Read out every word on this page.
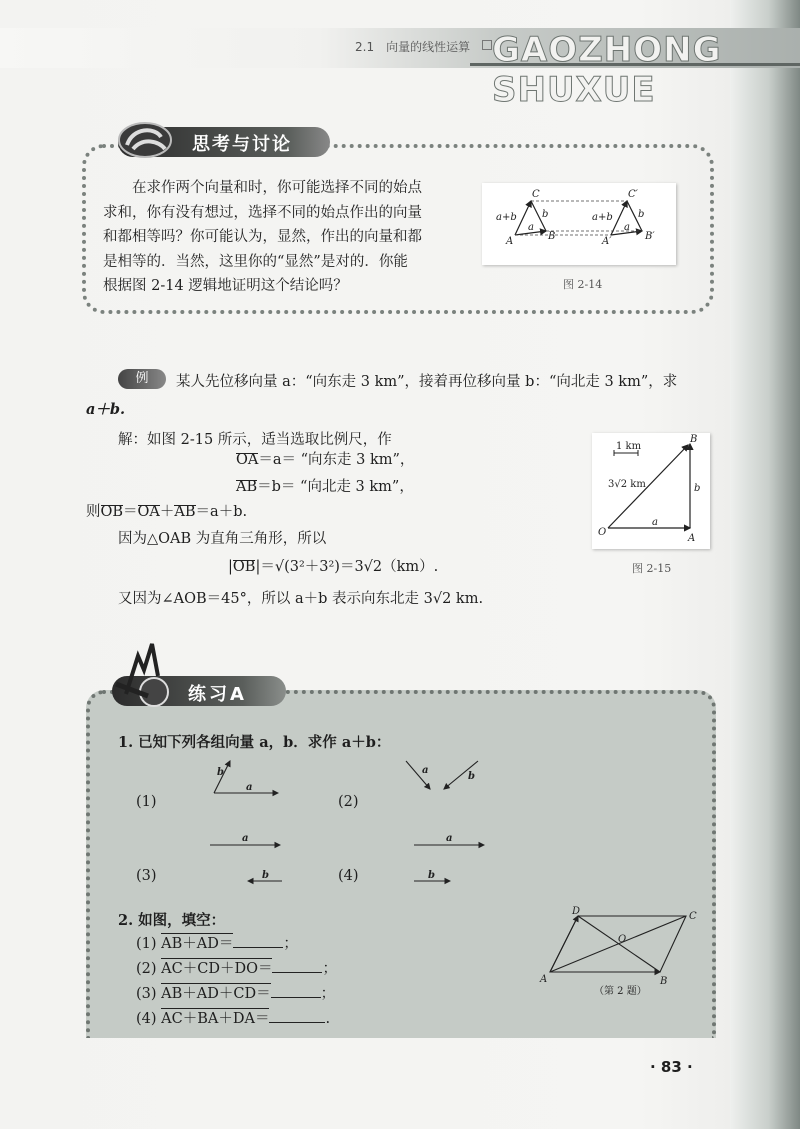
2.1　向量的线性运算 GAOZHONG SHUXUE
思考与讨论

　　在求作两个向量和时，你可能选择不同的始点

求和，你有没有想过，选择不同的始点作出的向量

和都相等吗？你可能认为，显然，作出的向量和都

是相等的．当然，这里你的“显然”是对的．你能

根据图 2-14 逻辑地证明这个结论吗？

C
a+b	b
A
a
B
C′
a+b	b
A′
a
B′
图 2-14
例	某人先位移向量 a：“向东走 3 km”，接着再位移向量 b：“向北走 3 km”，求
a＋b.
解：如图 2-15 所示，适当选取比例尺，作
OA＝a＝ “向东走 3 km”，
AB＝b＝ “向北走 3 km”，
则OB＝OA＋AB＝a＋b.
因为△OAB 为直角三角形，所以
|OB|＝√(3²＋3²)＝3√2（km）.
又因为∠AOB＝45°，所以 a＋b 表示向东北走 3√2 km.
1 km
3√2 km
B
b
O
a
A
图 2-15
练习A
1. 已知下列各组向量 a，b．求作 a＋b：
(1)	(2)
(3)	(4)
b
a
a
b
a
b
a
b
2. 如图，填空：
(1) AB＋AD＝	；
(2) AC＋CD＋DO＝	；
(3) AB＋AD＋CD＝	；
(4) AC＋BA＋DA＝	.
D	C
O
A	B
（第 2 题）
· 83 ·
